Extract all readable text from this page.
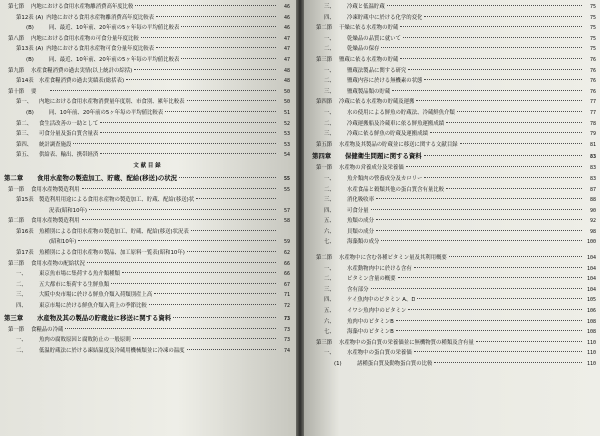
第七節	内地における食用水産物離消費高年度比較	46
第12表 (A) 内地における食用水産物離消費高年度比較表	46
(B)	同、最近、10年前、20年前の5ヶ年毎の平均値比較表	46
第八節	内地における食用水産物の可食分量年度比較	47
第13表 (A) 内地における食用水産物可食分量年度比較表	47
(B)	同、最近、10年前、20年前の5ヶ年毎の平均値比較表	47
第九節	水産食糧消費の過去実情(以上統計の綜括)	48
第14表 水産食糧消費の過去実績表(総括表)	48
第十節	要	50
第一、	内地における食用水産物消費量年度別、市食別、累年比較表	50
(B)	同、10年前、20年前の5ヶ年毎の平均値比較表	51
第二、	食生活改善の一助として	52
第三、	可食分量及蛋白質含量表	53
第四、	統計調査施設	53
第五、	供給表、輸出、携帯経済	54
文 献 目 録
第二章	食用水産物の製造加工、貯蔵、配給(移送)の状況	55
第一節	食用水産物製造利用	55
第15表 製造利用用途による食用水産物の製造加工、貯蔵、配給(移送)状
況表(昭和10年)	57
第二節	食用水産物製造利用	58
第16表 魚種別による食用水産物の製造加工、貯蔵、配給(移送)状況表
(昭和10年)	59
第17表 魚種別による食用水産物の製品、加工原料一覧表(昭和10年)	62
第三節	食用水産物の配給状況	66
一、	東京魚市場に集荷する魚介類種類	66
二、	五大都市に集荷する生鮮魚類	67
三、	大阪中央市場に於ける鮮魚介類入荷類別産上高	71
四、	東京市場に於ける鮮魚介類入荷上の季節比較	72
第三章	水産物及其の製品の貯蔵並に移送に関する資料	73
第一節	食糧品の冷蔵	73
一、	魚肉の腐敗原因と腐敗防止の一般原則	73
二、	低温貯蔵法に於ける凍結温度及冷蔵用機械類並に冷凍の温度	74
三、	冷蔵と低温貯蔵	75
四、	冷凍貯蔵中に於ける化学的変化	75
第二節	干燥に依る水産物の貯蔵	75
一、	乾燥品の品質に就いて	75
二、	乾燥品の保存	75
第三節	鹽蔵に依る水産物の貯蔵	76
一、	鹽蔵法製品に関する研究	76
二、	鹽蔵内容に於ける無機素の状態	76
三、	鹽蔵製品類の貯蔵	76
第四節	冷蔵に依る水産物の貯蔵及運搬	77
一、	水の使用による鮮魚の貯蔵法、冷蔵鮮魚介類	77
二、	冷蔵運搬船及冷蔵車に依る鮮魚運搬成績	78
三、	冷蔵に依る鮮魚の貯蔵及運搬成績	79
第五節	水産物及其製品の貯蔵並に移送に関する文献目録	81
第四章	保健衛生問題に関する資料	83
第一節	水産物の営養成分及栄養価	83
一、	魚介類肉の營養成分及カロリー	83
二、	水産食品と穀類其他の蛋白質含有量比較	87
三、	消化吸收率	88
四、	可食分量	90
五、	魚類の成分	92
六、	貝類の成分	98
七、	海藻類の成分	100
第二節	水産物中に含む各種ビタミン量及其利用概要	104
一、	水産動物肉中に於ける含有	104
二、	ビタミン含量の概要	104
三、	含有部分	104
四、	ケイ魚肉中のビタミン A、D	105
五、	イワシ魚肉中のビタミン	106
六、	魚肉中のビタミンB	108
七、	海藻中のビタミンB	108
第三節	水産物中の蛋白質の栄養価並に無機物質の種類及含有量	110
一、	水産物中の蛋白質の栄養価	110
(1)	諸種蛋白質及動物蛋白質の比較	110
